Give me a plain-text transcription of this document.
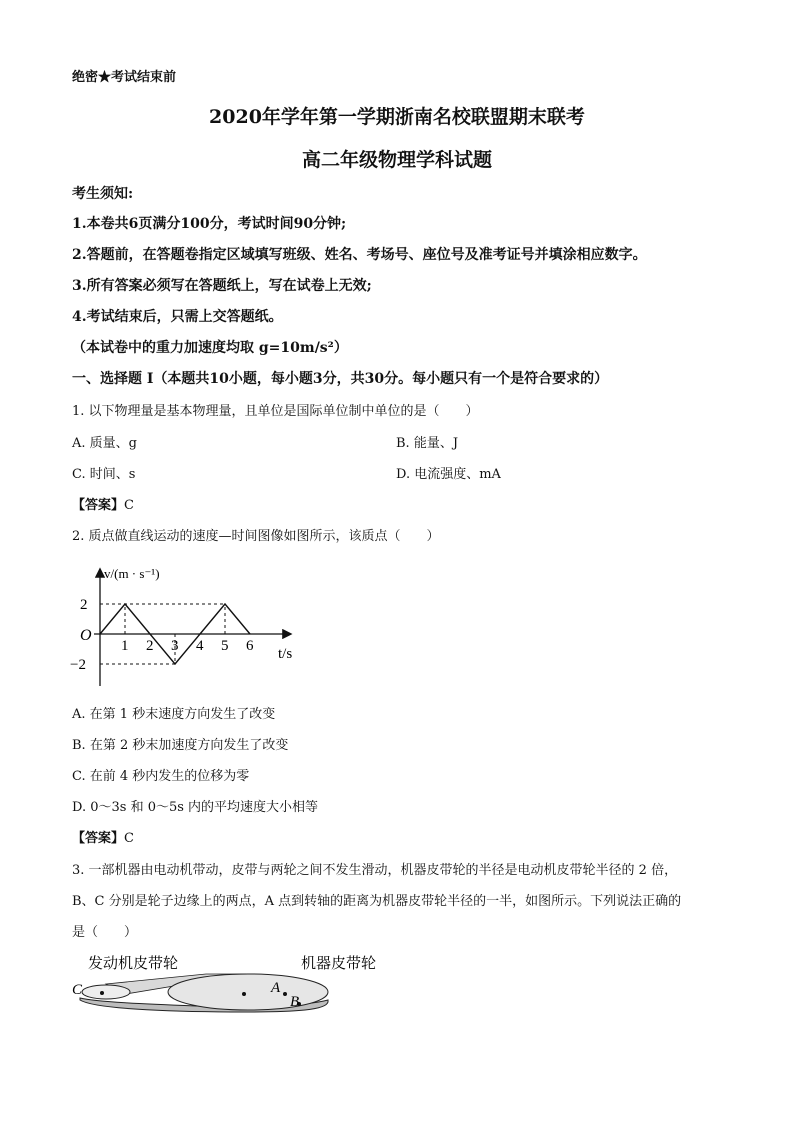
绝密★考试结束前
2020年学年第一学期浙南名校联盟期末联考
高二年级物理学科试题
考生须知:
1.本卷共6页满分100分，考试时间90分钟;
2.答题前，在答题卷指定区域填写班级、姓名、考场号、座位号及准考证号并填涂相应数字。
3.所有答案必须写在答题纸上，写在试卷上无效;
4.考试结束后，只需上交答题纸。
（本试卷中的重力加速度均取 g=10m/s²）
一、选择题 I（本题共10小题，每小题3分，共30分。每小题只有一个是符合要求的）
1. 以下物理量是基本物理量，且单位是国际单位制中单位的是（　　）
A. 质量、g	B. 能量、J
C. 时间、s	D. 电流强度、mA
【答案】C
2. 质点做直线运动的速度—时间图像如图所示，该质点（　　）
1 2 3 4 5 6
2
−2
O
v/(m · s⁻¹)
t/s
A. 在第 1 秒末速度方向发生了改变
B. 在第 2 秒末加速度方向发生了改变
C. 在前 4 秒内发生的位移为零
D. 0～3s 和 0～5s 内的平均速度大小相等
【答案】C
3. 一部机器由电动机带动，皮带与两轮之间不发生滑动，机器皮带轮的半径是电动机皮带轮半径的 2 倍，
B、C 分别是轮子边缘上的两点，A 点到转轴的距离为机器皮带轮半径的一半，如图所示。下列说法正确的
是（　　）
发动机皮带轮	机器皮带轮
C	A
B
